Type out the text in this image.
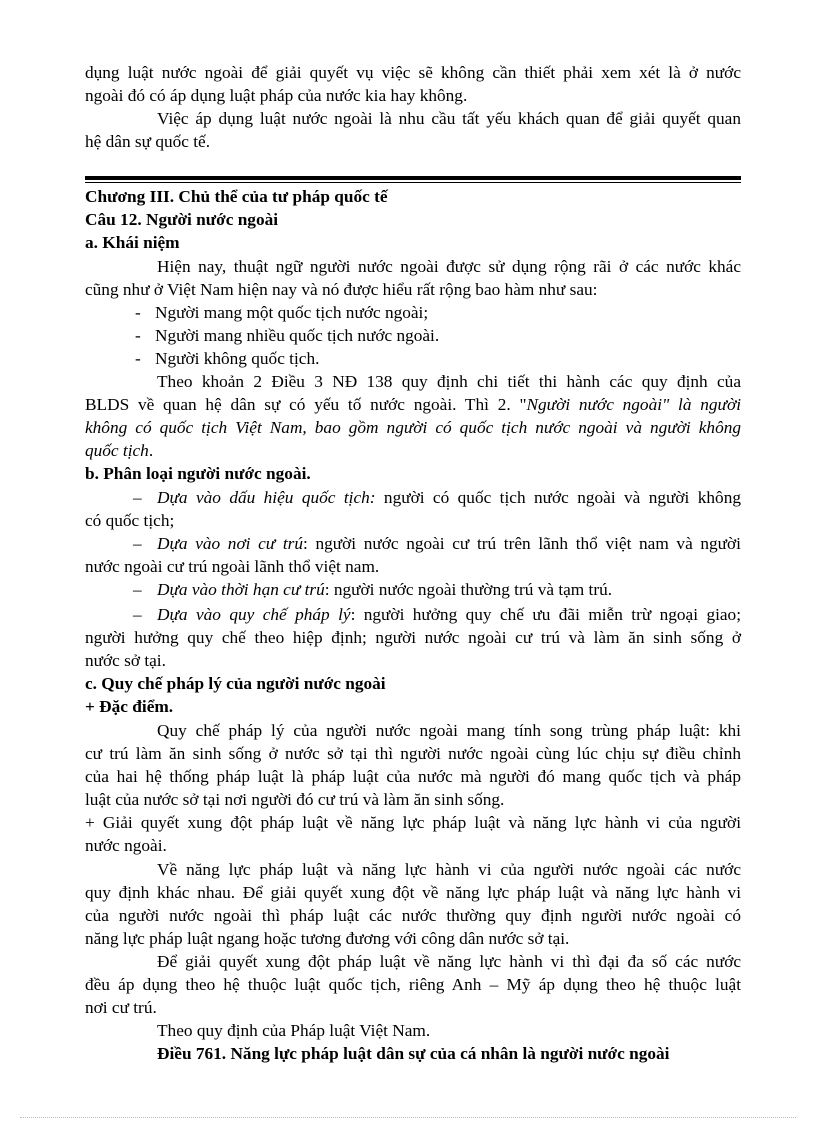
dụng luật nước ngoài để giải quyết vụ việc sẽ không cần thiết phải xem xét là ở nước
ngoài đó có áp dụng luật pháp của nước kia hay không.
Việc áp dụng luật nước ngoài là nhu cầu tất yếu khách quan để giải quyết quan
hệ dân sự quốc tế.
Chương III. Chủ thể của tư pháp quốc tế
Câu 12. Người nước ngoài
a. Khái niệm
Hiện nay, thuật ngữ người nước ngoài được sử dụng rộng rãi ở các nước khác
cũng như ở Việt Nam hiện nay và nó được hiểu rất rộng bao hàm như sau:
- Người mang một quốc tịch nước ngoài;
- Người mang nhiều quốc tịch nước ngoài.
- Người không quốc tịch.
Theo khoản 2 Điều 3 NĐ 138 quy định chi tiết thi hành các quy định của
BLDS về quan hệ dân sự có yếu tố nước ngoài. Thì 2. "Người nước ngoài" là người
không có quốc tịch Việt Nam, bao gồm người có quốc tịch nước ngoài và người không
quốc tịch.
b. Phân loại người nước ngoài.
– Dựa vào dấu hiệu quốc tịch: người có quốc tịch nước ngoài và người không
có quốc tịch;
– Dựa vào nơi cư trú: người nước ngoài cư trú trên lãnh thổ việt nam và người
nước ngoài cư trú ngoài lãnh thổ việt nam.
– Dựa vào thời hạn cư trú: người nước ngoài thường trú và tạm trú.
– Dựa vào quy chế pháp lý: người hưởng quy chế ưu đãi miễn trừ ngoại giao;
người hưởng quy chế theo hiệp định; người nước ngoài cư trú và làm ăn sinh sống ở
nước sở tại.
c. Quy chế pháp lý của người nước ngoài
+ Đặc điểm.
Quy chế pháp lý của người nước ngoài mang tính song trùng pháp luật: khi
cư trú làm ăn sinh sống ở nước sở tại thì người nước ngoài cùng lúc chịu sự điều chỉnh
của hai hệ thống pháp luật là pháp luật của nước mà người đó mang quốc tịch và pháp
luật của nước sở tại nơi người đó cư trú và làm ăn sinh sống.
+ Giải quyết xung đột pháp luật về năng lực pháp luật và năng lực hành vi của người
nước ngoài.
Về năng lực pháp luật và năng lực hành vi của người nước ngoài các nước
quy định khác nhau. Để giải quyết xung đột về năng lực pháp luật và năng lực hành vi
của người nước ngoài thì pháp luật các nước thường quy định người nước ngoài có
năng lực pháp luật ngang hoặc tương đương với công dân nước sở tại.
Để giải quyết xung đột pháp luật về năng lực hành vi thì đại đa số các nước
đều áp dụng theo hệ thuộc luật quốc tịch, riêng Anh – Mỹ áp dụng theo hệ thuộc luật
nơi cư trú.
Theo quy định của Pháp luật Việt Nam.
Điều 761. Năng lực pháp luật dân sự của cá nhân là người nước ngoài
